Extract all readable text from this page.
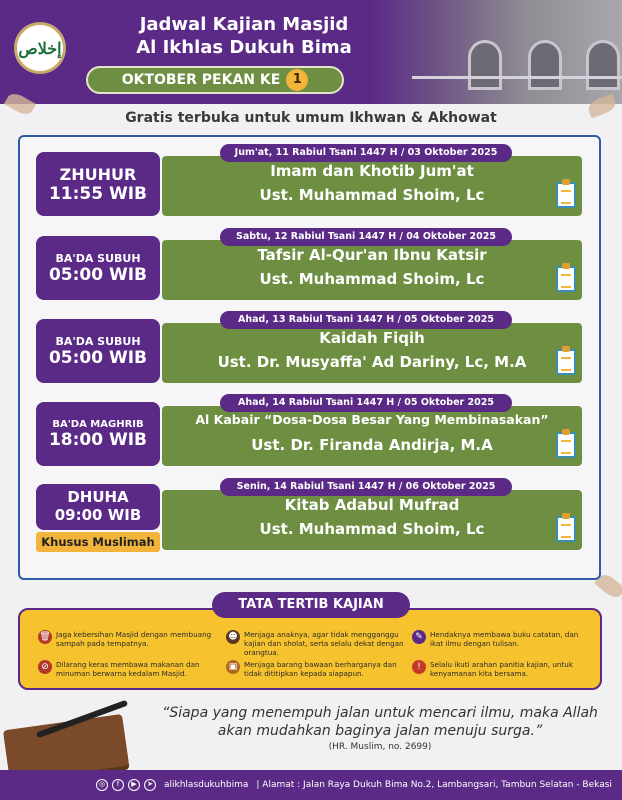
إخلاص
Jadwal Kajian Masjid
Al Ikhlas Dukuh Bima
OKTOBER PEKAN KE 1
Gratis terbuka untuk umum Ikhwan & Akhowat
ZHUHUR
11:55 WIB
Imam dan Khotib Jum'at
Ust. Muhammad Shoim, Lc
Jum'at, 11 Rabiul Tsani 1447 H / 03 Oktober 2025
BA'DA SUBUH
05:00 WIB
Tafsir Al-Qur'an Ibnu Katsir
Ust. Muhammad Shoim, Lc
Sabtu, 12 Rabiul Tsani 1447 H / 04 Oktober 2025
BA'DA SUBUH
05:00 WIB
Kaidah Fiqih
Ust. Dr. Musyaffa' Ad Dariny, Lc, M.A
Ahad, 13 Rabiul Tsani 1447 H / 05 Oktober 2025
BA'DA MAGHRIB
18:00 WIB
Al Kabair “Dosa-Dosa Besar Yang Membinasakan”
Ust. Dr. Firanda Andirja, M.A
Ahad, 14 Rabiul Tsani 1447 H / 05 Oktober 2025
DHUHA
09:00 WIB
Khusus Muslimah
Kitab Adabul Mufrad
Ust. Muhammad Shoim, Lc
Senin, 14 Rabiul Tsani 1447 H / 06 Oktober 2025
TATA TERTIB KAJIAN
🗑 Jaga kebersihan Masjid dengan membuang sampah pada tempatnya.
⊘	Dilarang keras membawa makanan dan minuman berwarna kedalam Masjid.
☻ Menjaga anaknya, agar tidak mengganggu kajian dan sholat, serta selalu dekat dengan orangtua.
▣ Menjaga barang bawaan berharganya dan tidak dititipkan kepada siapapun.
✎	Hendaknya membawa buku catatan, dan ikat ilmu dengan tulisan.
!	Selalu ikuti arahan panitia kajian, untuk kenyamanan kita bersama.
“Siapa yang menempuh jalan untuk mencari ilmu, maka Allah akan mudahkan baginya jalan menuju surga.”
(HR. Muslim, no. 2699)
◎	f	▶	➤	alikhlasdukuhbima | Alamat : Jalan Raya Dukuh Bima No.2, Lambangsari, Tambun Selatan - Bekasi
